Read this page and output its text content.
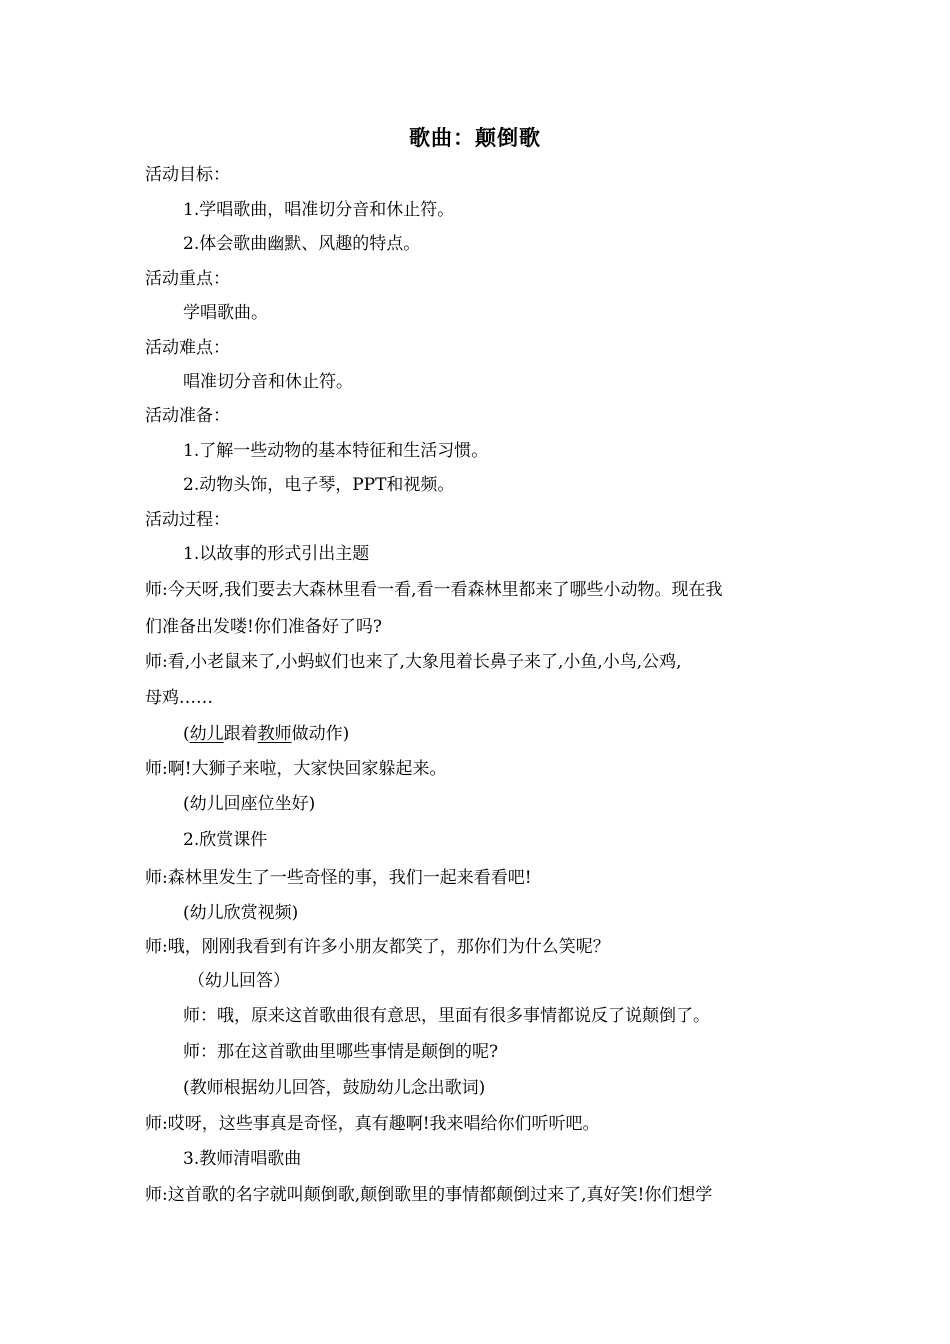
歌曲：颠倒歌
活动目标：
1.学唱歌曲，唱准切分音和休止符。
2.体会歌曲幽默、风趣的特点。
活动重点：
学唱歌曲。
活动难点：
唱准切分音和休止符。
活动准备：
1.了解一些动物的基本特征和生活习惯。
2.动物头饰，电子琴，PPT和视频。
活动过程：
1.以故事的形式引出主题
师:今天呀,我们要去大森林里看一看,看一看森林里都来了哪些小动物。现在我
们准备出发喽!你们准备好了吗?
师:看,小老鼠来了,小蚂蚁们也来了,大象甩着长鼻子来了,小鱼,小鸟,公鸡,
母鸡……
(幼儿跟着教师做动作)
师:啊!大狮子来啦，大家快回家躲起来。
(幼儿回座位坐好)
2.欣赏课件
师:森林里发生了一些奇怪的事，我们一起来看看吧!
(幼儿欣赏视频)
师:哦，刚刚我看到有许多小朋友都笑了，那你们为什么笑呢？
（幼儿回答）
师：哦，原来这首歌曲很有意思，里面有很多事情都说反了说颠倒了。
师：那在这首歌曲里哪些事情是颠倒的呢?
(教师根据幼儿回答，鼓励幼儿念出歌词)
师:哎呀，这些事真是奇怪，真有趣啊!我来唱给你们听听吧。
3.教师清唱歌曲
师:这首歌的名字就叫颠倒歌,颠倒歌里的事情都颠倒过来了,真好笑!你们想学
